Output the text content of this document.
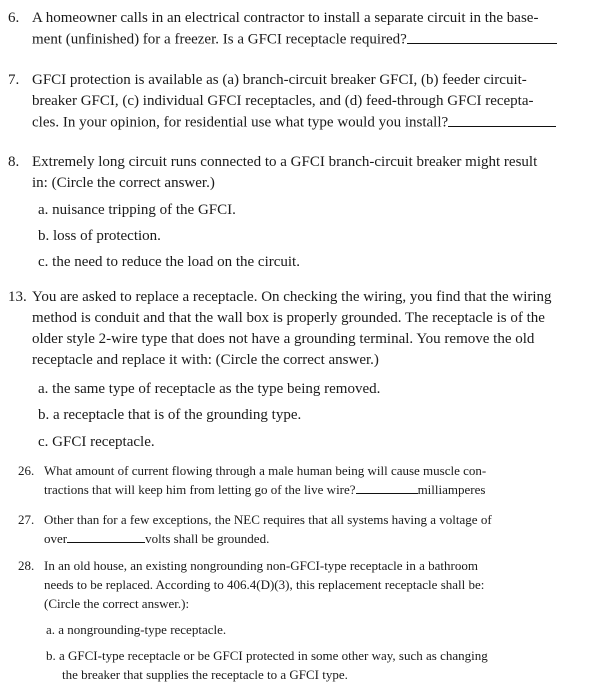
6. A homeowner calls in an electrical contractor to install a separate circuit in the base-
ment (unfinished) for a freezer. Is a GFCI receptacle required?
7. GFCI protection is available as (a) branch-circuit breaker GFCI, (b) feeder circuit-
breaker GFCI, (c) individual GFCI receptacles, and (d) feed-through GFCI recepta-
cles. In your opinion, for residential use what type would you install?
8. Extremely long circuit runs connected to a GFCI branch-circuit breaker might result
in: (Circle the correct answer.)
a. nuisance tripping of the GFCI.
b. loss of protection.
c. the need to reduce the load on the circuit.
13. You are asked to replace a receptacle. On checking the wiring, you find that the wiring
method is conduit and that the wall box is properly grounded. The receptacle is of the
older style 2-wire type that does not have a grounding terminal. You remove the old
receptacle and replace it with: (Circle the correct answer.)
a. the same type of receptacle as the type being removed.
b. a receptacle that is of the grounding type.
c. GFCI receptacle.
26. What amount of current flowing through a male human being will cause muscle con-
tractions that will keep him from letting go of the live wire?	milliamperes
27. Other than for a few exceptions, the NEC requires that all systems having a voltage of
over	volts shall be grounded.
28. In an old house, an existing nongrounding non-GFCI-type receptacle in a bathroom
needs to be replaced. According to 406.4(D)(3), this replacement receptacle shall be:
(Circle the correct answer.):
a. a nongrounding-type receptacle.
b. a GFCI-type receptacle or be GFCI protected in some other way, such as changing
the breaker that supplies the receptacle to a GFCI type.
